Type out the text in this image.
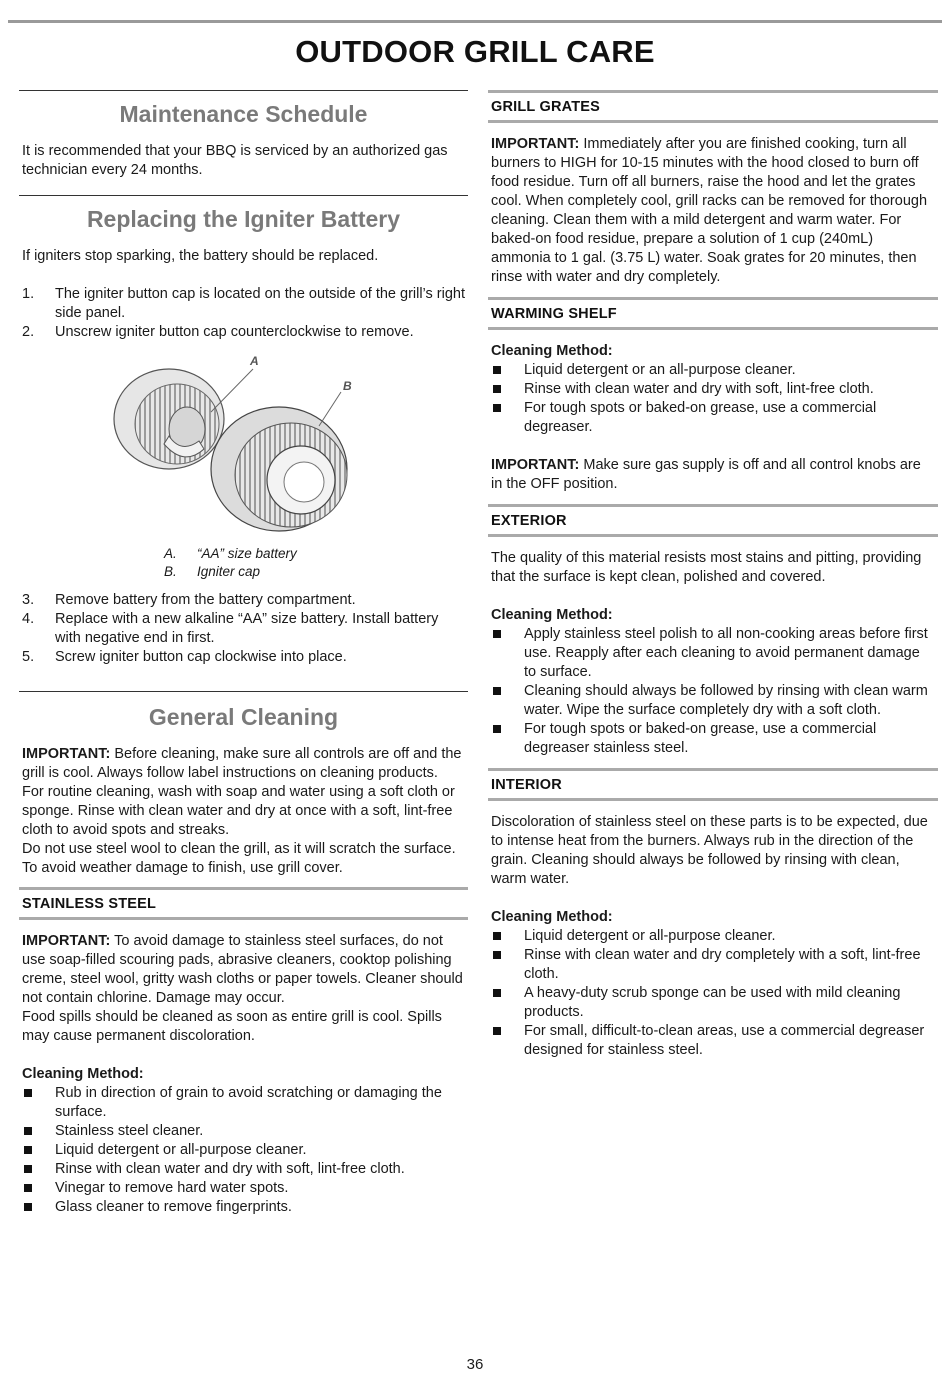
OUTDOOR GRILL CARE
Maintenance Schedule

It is recommended that your BBQ is serviced by an authorized gas technician every 24 months.

Replacing the Igniter Battery

If igniters stop sparking, the battery should be replaced.

1.	The igniter button cap is located on the outside of the grill’s right side panel.
2.	Unscrew igniter button cap counterclockwise to remove.
A
B
A.	“AA” size battery
B.	Igniter cap
3.	Remove battery from the battery compartment.
4.	Replace with a new alkaline “AA” size battery. Install battery with negative end in first.
5.	Screw igniter button cap clockwise into place.
General Cleaning

IMPORTANT: Before cleaning, make sure all controls are off and the grill is cool. Always follow label instructions on cleaning products.

For routine cleaning, wash with soap and water using a soft cloth or sponge. Rinse with clean water and dry at once with a soft, lint-free cloth to avoid spots and streaks.

Do not use steel wool to clean the grill, as it will scratch the surface.

To avoid weather damage to finish, use grill cover.

STAINLESS STEEL

IMPORTANT: To avoid damage to stainless steel surfaces, do not use soap-filled scouring pads, abrasive cleaners, cooktop polishing creme, steel wool, gritty wash cloths or paper towels. Cleaner should not contain chlorine. Damage may occur.

Food spills should be cleaned as soon as entire grill is cool. Spills may cause permanent discoloration.

Cleaning Method:

Rub in direction of grain to avoid scratching or damaging the surface.
Stainless steel cleaner.
Liquid detergent or all-purpose cleaner.
Rinse with clean water and dry with soft, lint-free cloth.
Vinegar to remove hard water spots.
Glass cleaner to remove fingerprints.
GRILL GRATES

IMPORTANT: Immediately after you are finished cooking, turn all burners to HIGH for 10-15 minutes with the hood closed to burn off food residue. Turn off all burners, raise the hood and let the grates cool. When completely cool, grill racks can be removed for thorough cleaning. Clean them with a mild detergent and warm water. For baked-on food residue, prepare a solution of 1 cup (240mL) ammonia to 1 gal. (3.75 L) water. Soak grates for 20 minutes, then rinse with water and dry completely.

WARMING SHELF

Cleaning Method:

Liquid detergent or an all-purpose cleaner.
Rinse with clean water and dry with soft, lint-free cloth.
For tough spots or baked-on grease, use a commercial degreaser.

IMPORTANT: Make sure gas supply is off and all control knobs are in the OFF position.

EXTERIOR

The quality of this material resists most stains and pitting, providing that the surface is kept clean, polished and covered.

Cleaning Method:

Apply stainless steel polish to all non-cooking areas before first use. Reapply after each cleaning to avoid permanent damage to surface.
Cleaning should always be followed by rinsing with clean warm water. Wipe the surface completely dry with a soft cloth.
For tough spots or baked-on grease, use a commercial degreaser stainless steel.
INTERIOR

Discoloration of stainless steel on these parts is to be expected, due to intense heat from the burners. Always rub in the direction of the grain. Cleaning should always be followed by rinsing with clean, warm water.

Cleaning Method:

Liquid detergent or all-purpose cleaner.
Rinse with clean water and dry completely with a soft, lint-free cloth.
A heavy-duty scrub sponge can be used with mild cleaning products.
For small, difficult-to-clean areas, use a commercial degreaser designed for stainless steel.
36
